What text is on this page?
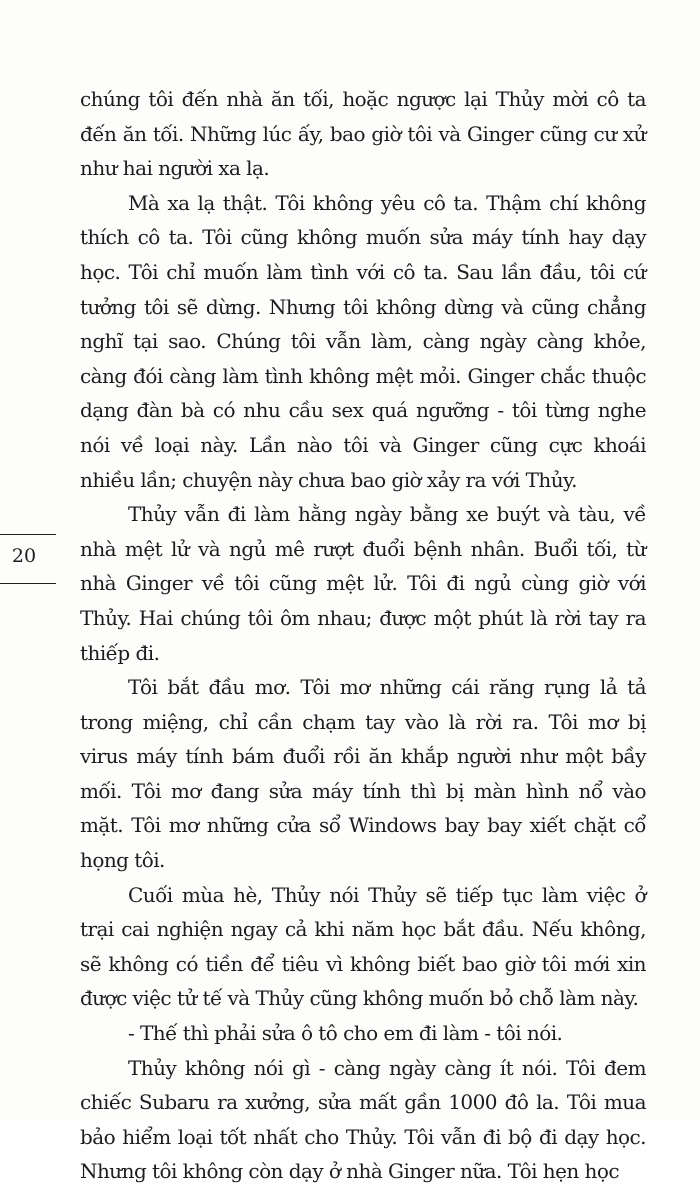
chúng tôi đến nhà ăn tối, hoặc ngược lại Thủy mời cô ta đến ăn tối. Những lúc ấy, bao giờ tôi và Ginger cũng cư xử như hai người xa lạ.

Mà xa lạ thật. Tôi không yêu cô ta. Thậm chí không thích cô ta. Tôi cũng không muốn sửa máy tính hay dạy học. Tôi chỉ muốn làm tình với cô ta. Sau lần đầu, tôi cứ tưởng tôi sẽ dừng. Nhưng tôi không dừng và cũng chẳng nghĩ tại sao. Chúng tôi vẫn làm, càng ngày càng khỏe, càng đói càng làm tình không mệt mỏi. Ginger chắc thuộc dạng đàn bà có nhu cầu sex quá ngưỡng - tôi từng nghe nói về loại này. Lần nào tôi và Ginger cũng cực khoái nhiều lần; chuyện này chưa bao giờ xảy ra với Thủy.

Thủy vẫn đi làm hằng ngày bằng xe buýt và tàu, về nhà mệt lử và ngủ mê rượt đuổi bệnh nhân. Buổi tối, từ nhà Ginger về tôi cũng mệt lử. Tôi đi ngủ cùng giờ với Thủy. Hai chúng tôi ôm nhau; được một phút là rời tay ra thiếp đi.

Tôi bắt đầu mơ. Tôi mơ những cái răng rụng lả tả trong miệng, chỉ cần chạm tay vào là rời ra. Tôi mơ bị virus máy tính bám đuổi rồi ăn khắp người như một bầy mối. Tôi mơ đang sửa máy tính thì bị màn hình nổ vào mặt. Tôi mơ những cửa sổ Windows bay bay xiết chặt cổ họng tôi.

Cuối mùa hè, Thủy nói Thủy sẽ tiếp tục làm việc ở trại cai nghiện ngay cả khi năm học bắt đầu. Nếu không, sẽ không có tiền để tiêu vì không biết bao giờ tôi mới xin được việc tử tế và Thủy cũng không muốn bỏ chỗ làm này.

- Thế thì phải sửa ô tô cho em đi làm - tôi nói.

Thủy không nói gì - càng ngày càng ít nói. Tôi đem chiếc Subaru ra xưởng, sửa mất gần 1000 đô la. Tôi mua bảo hiểm loại tốt nhất cho Thủy. Tôi vẫn đi bộ đi dạy học. Nhưng tôi không còn dạy ở nhà Ginger nữa. Tôi hẹn học

20
